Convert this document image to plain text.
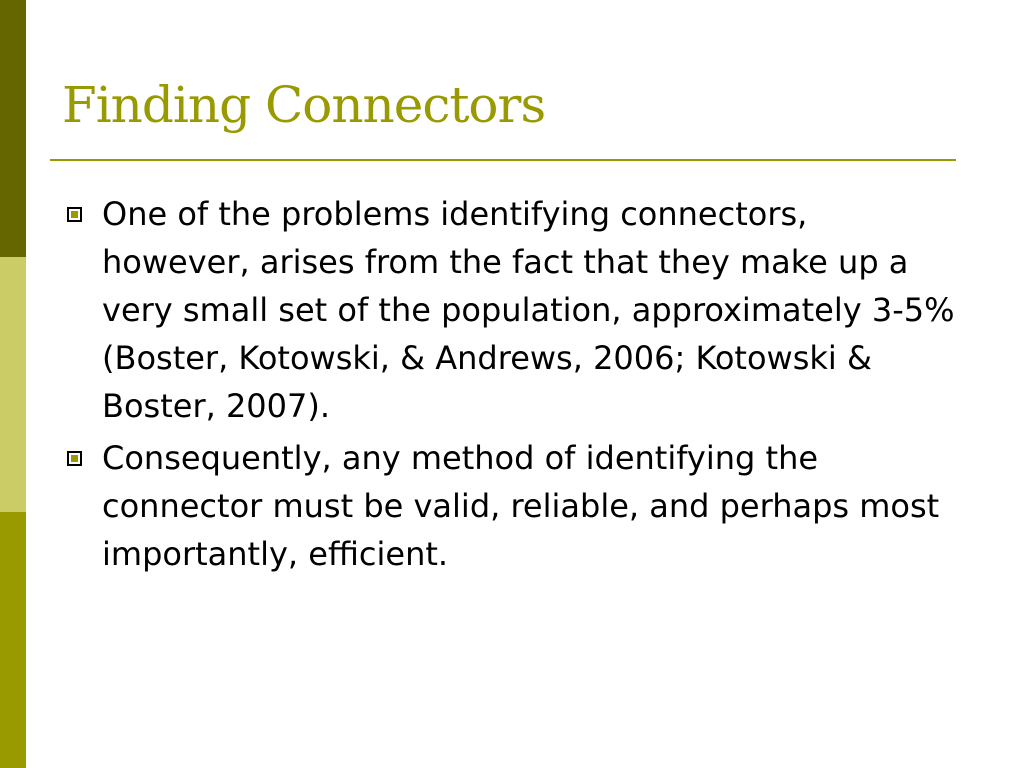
Finding Connectors
One of the problems identifying connectors, however, arises from the fact that they make up a very small set of the population, approximately 3-5% (Boster, Kotowski, & Andrews, 2006; Kotowski & Boster, 2007).
Consequently, any method of identifying the connector must be valid, reliable, and perhaps most importantly, efficient.
